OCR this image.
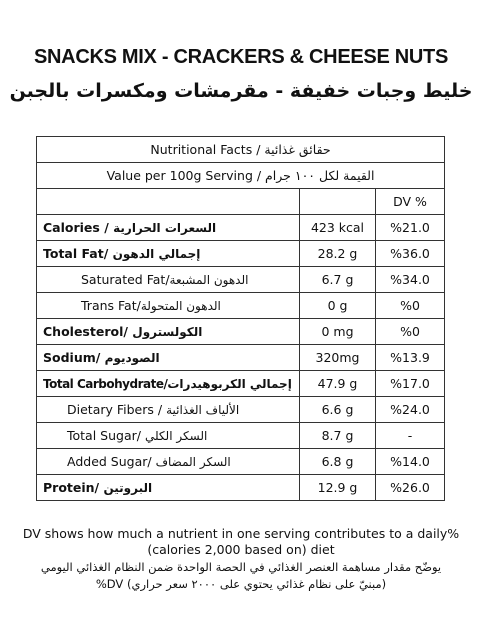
SNACKS MIX - CRACKERS & CHEESE NUTS
خليط وجبات خفيفة - مقرمشات ومكسرات بالجبن
Nutritional Facts / حقائق غذائية		
Value per 100g Serving / القيمة لكل ١٠٠ جرام		
		DV %
Calories / السعرات الحرارية	423 kcal	%21.0
Total Fat/ إجمالي الدهون	28.2 g	%36.0
Saturated Fat/الدهون المشبعة	6.7 g	%34.0
Trans Fat/الدهون المتحولة	0 g	%0
Cholesterol/ الكولسترول	0 mg	%0
Sodium/ الصوديوم	320mg	%13.9
Total Carbohydrate/إجمالي الكربوهيدرات	47.9 g	%17.0
Dietary Fibers / الألياف الغذائية	6.6 g	%24.0
Total Sugar/ السكر الكلي	8.7 g	-
Added Sugar/ السكر المضاف	6.8 g	%14.0
Protein/ البروتين	12.9 g	%26.0
DV shows how much a nutrient in one serving contributes to a daily%
(calories 2,000 based on) diet
يوضّح مقدار مساهمة العنصر الغذائي في الحصة الواحدة ضمن النظام الغذائي اليومي
(مبنيّ على نظام غذائي يحتوي على ٢٠٠٠ سعر حراري) DV%
